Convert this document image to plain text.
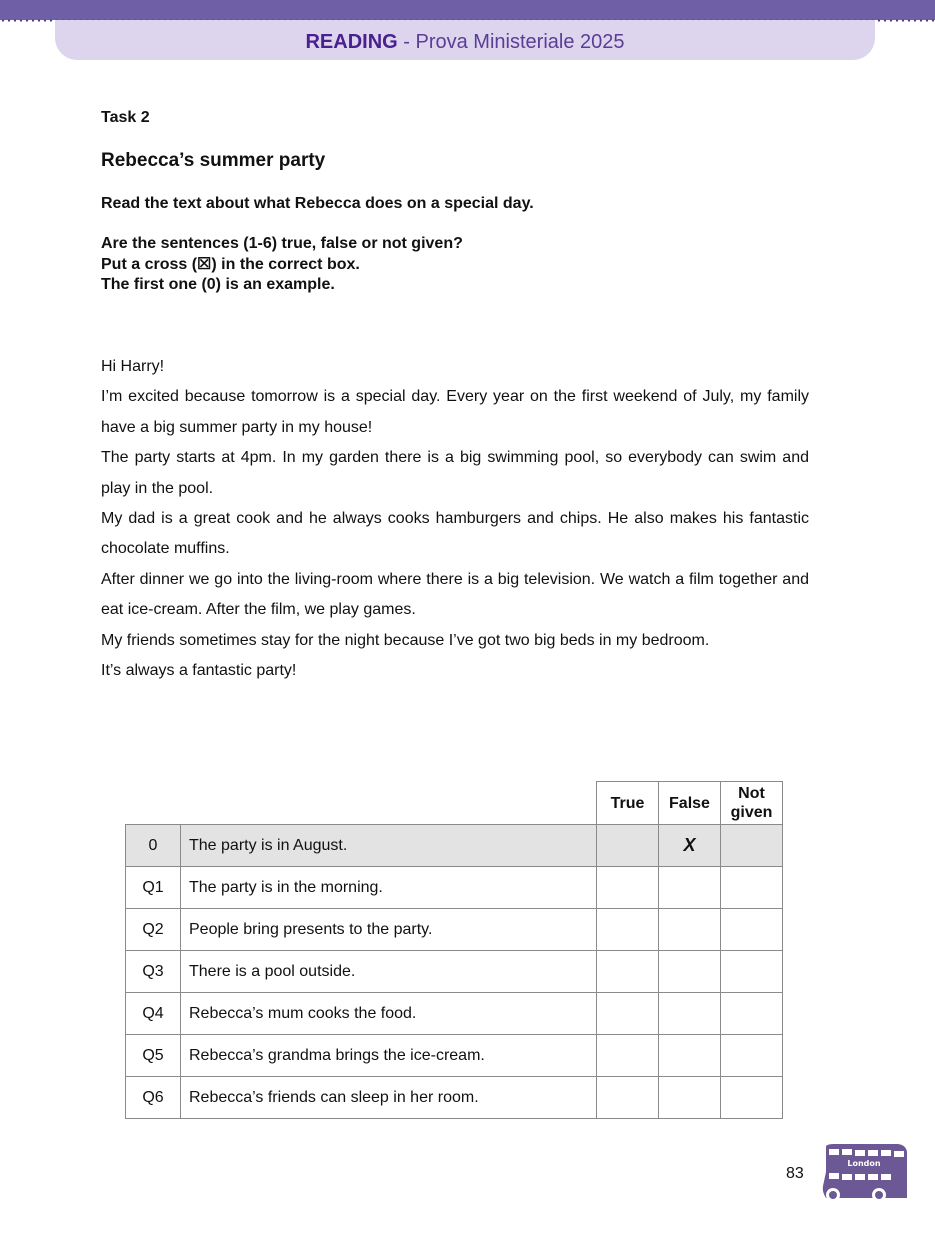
READING - Prova Ministeriale 2025
Task 2
Rebecca’s summer party
Read the text about what Rebecca does on a special day.
Are the sentences (1-6) true, false or not given?
Put a cross (☒) in the correct box.
The first one (0) is an example.

Hi Harry!

I’m excited because tomorrow is a special day. Every year on the first weekend of July, my family have a big summer party in my house!

The party starts at 4pm. In my garden there is a big swimming pool, so everybody can swim and play in the pool.

My dad is a great cook and he always cooks hamburgers and chips. He also makes his fantastic chocolate muffins.

After dinner we go into the living-room where there is a big television. We watch a film together and eat ice-cream. After the film, we play games.

My friends sometimes stay for the night because I’ve got two big beds in my bedroom.

It’s always a fantastic party!

		True	False	Not given
0	The party is in August.		X	
Q1	The party is in the morning.			
Q2	People bring presents to the party.			
Q3	There is a pool outside.			
Q4	Rebecca’s mum cooks the food.			
Q5	Rebecca’s grandma brings the ice-cream.			
Q6	Rebecca’s friends can sleep in her room.			
83
London
